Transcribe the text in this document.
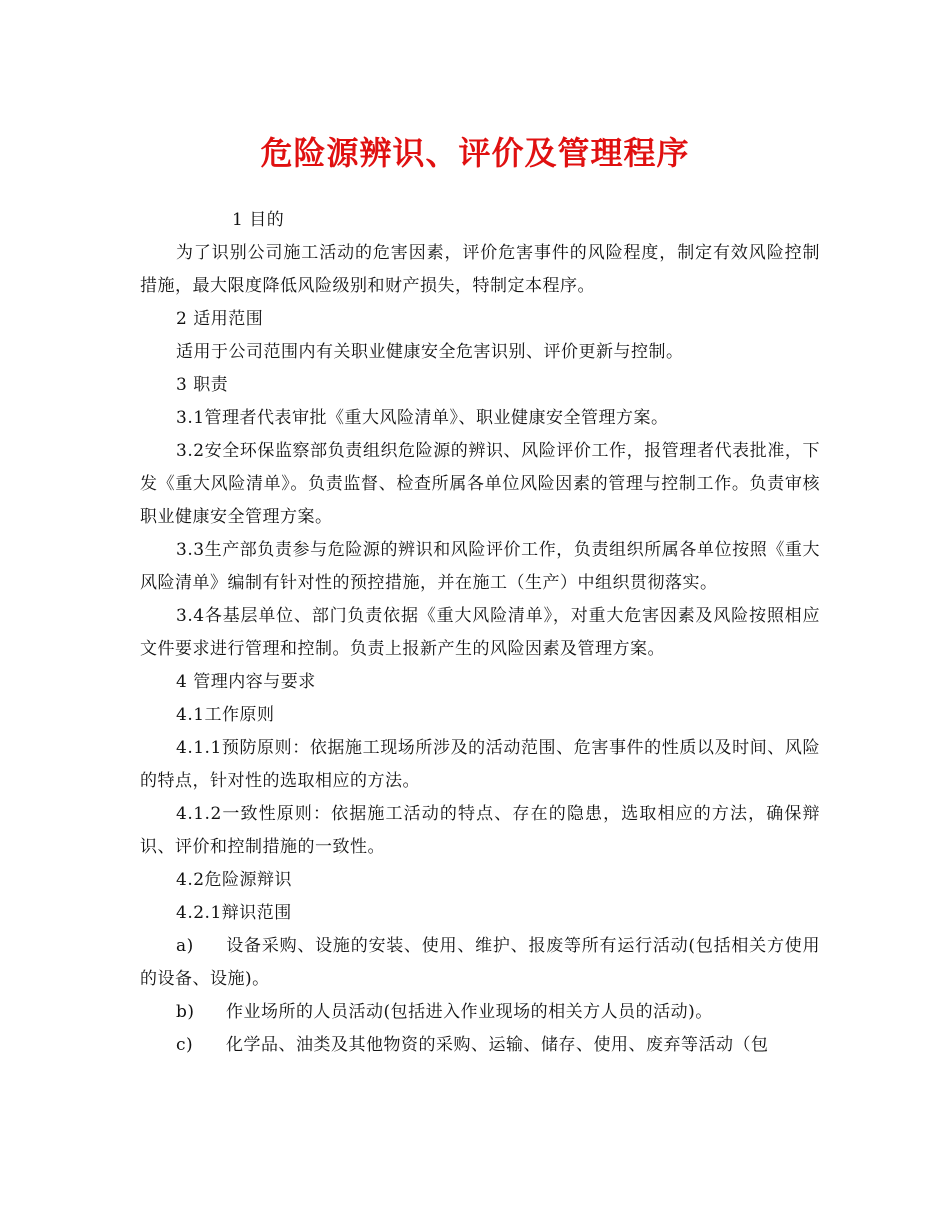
危险源辨识、评价及管理程序

1 目的

为了识别公司施工活动的危害因素，评价危害事件的风险程度，制定有效风险控制措施，最大限度降低风险级别和财产损失，特制定本程序。

2 适用范围

适用于公司范围内有关职业健康安全危害识别、评价更新与控制。

3 职责

3.1管理者代表审批《重大风险清单》、职业健康安全管理方案。

3.2安全环保监察部负责组织危险源的辨识、风险评价工作，报管理者代表批准，下发《重大风险清单》。负责监督、检查所属各单位风险因素的管理与控制工作。负责审核职业健康安全管理方案。

3.3生产部负责参与危险源的辨识和风险评价工作，负责组织所属各单位按照《重大风险清单》编制有针对性的预控措施，并在施工（生产）中组织贯彻落实。

3.4各基层单位、部门负责依据《重大风险清单》，对重大危害因素及风险按照相应文件要求进行管理和控制。负责上报新产生的风险因素及管理方案。

4 管理内容与要求

4.1工作原则

4.1.1预防原则：依据施工现场所涉及的活动范围、危害事件的性质以及时间、风险的特点，针对性的选取相应的方法。

4.1.2一致性原则：依据施工活动的特点、存在的隐患，选取相应的方法，确保辩识、评价和控制措施的一致性。

4.2危险源辩识

4.2.1辩识范围

a) 设备采购、设施的安装、使用、维护、报废等所有运行活动(包括相关方使用的设备、设施)。

b) 作业场所的人员活动(包括进入作业现场的相关方人员的活动)。

c) 化学品、油类及其他物资的采购、运输、储存、使用、废弃等活动（包
